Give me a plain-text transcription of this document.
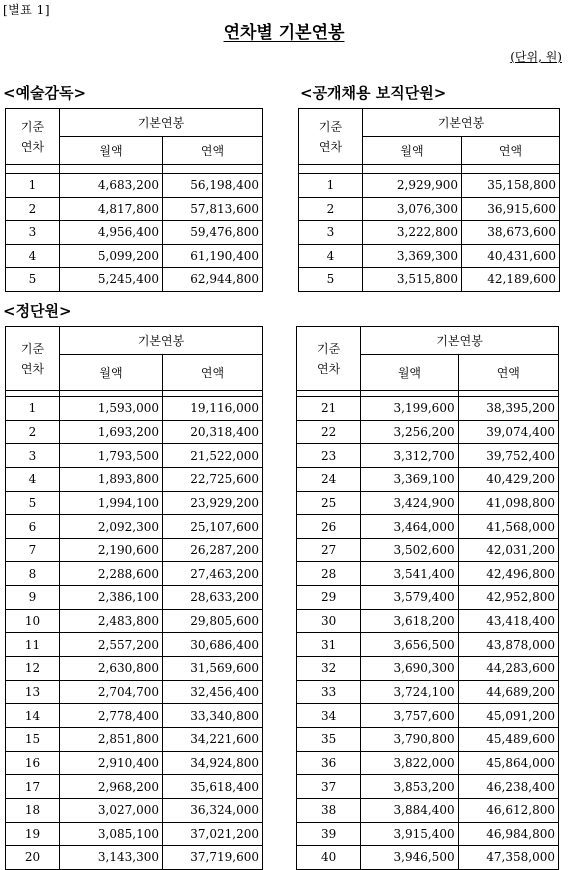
[별표 1]
연차별 기본연봉
(단위, 원)
<예술감독>	<공개채용 보직단원>
<정단원>
기준
연차	기본연봉	
	월액	연액

1	4,683,200	56,198,400
2	4,817,800	57,813,600
3	4,956,400	59,476,800
4	5,099,200	61,190,400
5	5,245,400	62,944,800
기준
연차	기본연봉	
	월액	연액

1	2,929,900	35,158,800
2	3,076,300	36,915,600
3	3,222,800	38,673,600
4	3,369,300	40,431,600
5	3,515,800	42,189,600
기준
연차	기본연봉	
	월액	연액

1	1,593,000	19,116,000
2	1,693,200	20,318,400
3	1,793,500	21,522,000
4	1,893,800	22,725,600
5	1,994,100	23,929,200
6	2,092,300	25,107,600
7	2,190,600	26,287,200
8	2,288,600	27,463,200
9	2,386,100	28,633,200
10	2,483,800	29,805,600
11	2,557,200	30,686,400
12	2,630,800	31,569,600
13	2,704,700	32,456,400
14	2,778,400	33,340,800
15	2,851,800	34,221,600
16	2,910,400	34,924,800
17	2,968,200	35,618,400
18	3,027,000	36,324,000
19	3,085,100	37,021,200
20	3,143,300	37,719,600
기준
연차	기본연봉	
	월액	연액

21	3,199,600	38,395,200
22	3,256,200	39,074,400
23	3,312,700	39,752,400
24	3,369,100	40,429,200
25	3,424,900	41,098,800
26	3,464,000	41,568,000
27	3,502,600	42,031,200
28	3,541,400	42,496,800
29	3,579,400	42,952,800
30	3,618,200	43,418,400
31	3,656,500	43,878,000
32	3,690,300	44,283,600
33	3,724,100	44,689,200
34	3,757,600	45,091,200
35	3,790,800	45,489,600
36	3,822,000	45,864,000
37	3,853,200	46,238,400
38	3,884,400	46,612,800
39	3,915,400	46,984,800
40	3,946,500	47,358,000
